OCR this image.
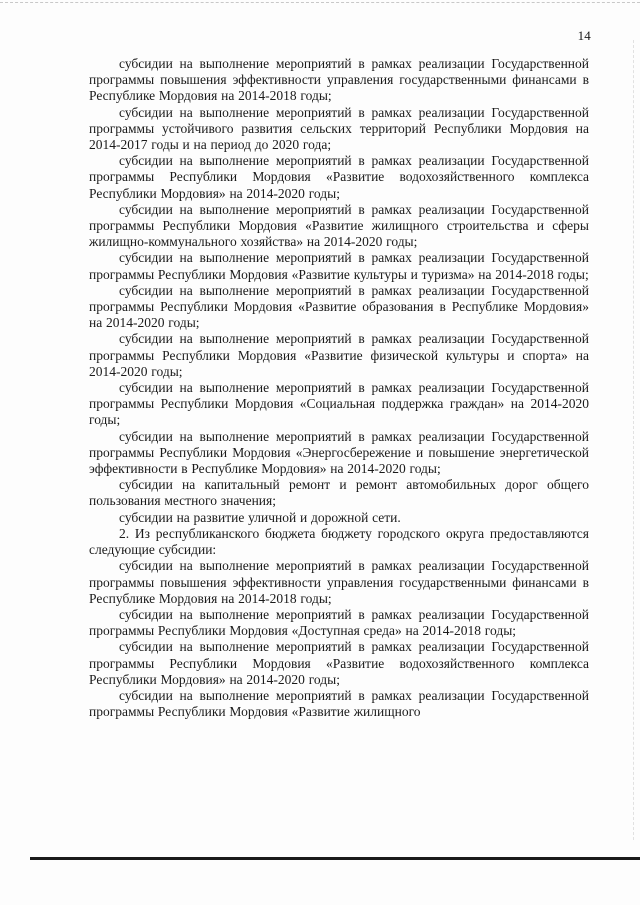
14

субсидии на выполнение мероприятий в рамках реализации Государственной программы повышения эффективности управления государственными финансами в Республике Мордовия на 2014-2018 годы;

субсидии на выполнение мероприятий в рамках реализации Государственной программы устойчивого развития сельских территорий Республики Мордовия на 2014-2017 годы и на период до 2020 года;

субсидии на выполнение мероприятий в рамках реализации Государственной программы Республики Мордовия «Развитие водохозяйственного комплекса Республики Мордовия» на 2014-2020 годы;

субсидии на выполнение мероприятий в рамках реализации Государственной программы Республики Мордовия «Развитие жилищного строительства и сферы жилищно-коммунального хозяйства» на 2014-2020 годы;

субсидии на выполнение мероприятий в рамках реализации Государственной программы Республики Мордовия «Развитие культуры и туризма» на 2014-2018 годы;

субсидии на выполнение мероприятий в рамках реализации Государственной программы Республики Мордовия «Развитие образования в Республике Мордовия» на 2014-2020 годы;

субсидии на выполнение мероприятий в рамках реализации Государственной программы Республики Мордовия «Развитие физической культуры и спорта» на 2014-2020 годы;

субсидии на выполнение мероприятий в рамках реализации Государственной программы Республики Мордовия «Социальная поддержка граждан» на 2014-2020 годы;

субсидии на выполнение мероприятий в рамках реализации Государственной программы Республики Мордовия «Энергосбережение и повышение энергетической эффективности в Республике Мордовия» на 2014-2020 годы;

субсидии на капитальный ремонт и ремонт автомобильных дорог общего пользования местного значения;

субсидии на развитие уличной и дорожной сети.

2. Из республиканского бюджета бюджету городского округа предоставляются следующие субсидии:

субсидии на выполнение мероприятий в рамках реализации Государственной программы повышения эффективности управления государственными финансами в Республике Мордовия на 2014-2018 годы;

субсидии на выполнение мероприятий в рамках реализации Государственной программы Республики Мордовия «Доступная среда» на 2014-2018 годы;

субсидии на выполнение мероприятий в рамках реализации Государственной программы Республики Мордовия «Развитие водохозяйственного комплекса Республики Мордовия» на 2014-2020 годы;

субсидии на выполнение мероприятий в рамках реализации Государственной программы Республики Мордовия «Развитие жилищного
